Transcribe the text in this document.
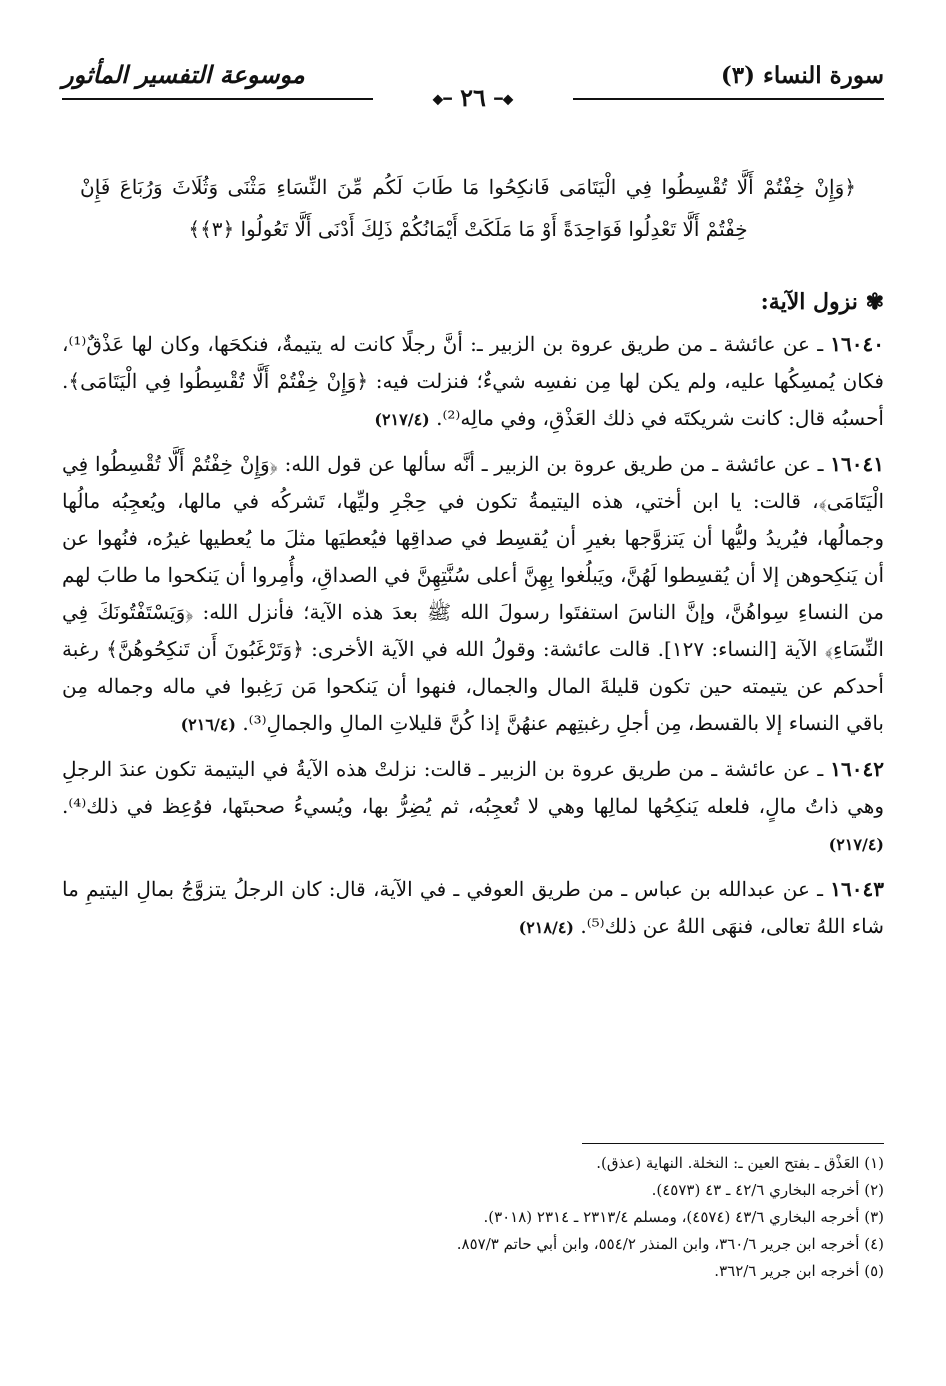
سورة النساء (٣)
موسوعة التفسير المأثور
◆━ ٢٦ ━◆
﴿وَإِنْ خِفْتُمْ أَلَّا تُقْسِطُوا فِي الْيَتَامَى فَانكِحُوا مَا طَابَ لَكُم مِّنَ النِّسَاءِ مَثْنَى وَثُلَاثَ وَرُبَاعَ فَإِنْ خِفْتُمْ أَلَّا تَعْدِلُوا فَوَاحِدَةً أَوْ مَا مَلَكَتْ أَيْمَانُكُمْ ذَلِكَ أَدْنَى أَلَّا تَعُولُوا ﴿٣﴾﴾
✾ نزول الآية:

١٦٠٤٠ ـ عن عائشة ـ من طريق عروة بن الزبير ـ: أنَّ رجلًا كانت له يتيمةٌ، فنكحَها، وكان لها عَذْقٌ⁽¹⁾، فكان يُمسِكُها عليه، ولم يكن لها مِن نفسِه شيءٌ؛ فنزلت فيه: ﴿وَإِنْ خِفْتُمْ أَلَّا تُقْسِطُوا فِي الْيَتَامَى﴾. أحسبُه قال: كانت شريكتَه في ذلك العَذْقِ، وفي مالِه⁽²⁾. (٢١٧/٤)

١٦٠٤١ ـ عن عائشة ـ من طريق عروة بن الزبير ـ أنَّه سألها عن قول الله: ﴿وَإِنْ خِفْتُمْ أَلَّا تُقْسِطُوا فِي الْيَتَامَى﴾، قالت: يا ابن أختي، هذه اليتيمةُ تكون في حِجْرِ وليِّها، تَشركُه في مالها، ويُعجِبُه مالُها وجمالُها، فيُريدُ وليُّها أن يَتزوَّجها بغيرِ أن يُقسِط في صداقِها فيُعطيَها مثلَ ما يُعطيها غيرُه، فنُهوا عن أن يَنكِحوهن إلا أن يُقسِطوا لَهُنَّ، ويَبلُغوا بِهِنَّ أعلى سُنَّتِهِنَّ في الصداقِ، وأُمِروا أن يَنكحوا ما طابَ لهم من النساءِ سِواهُنَّ، وإنَّ الناسَ استفتَوا رسولَ الله ﷺ بعدَ هذه الآية؛ فأنزل الله: ﴿وَيَسْتَفْتُونَكَ فِي النِّسَاءِ﴾ الآية [النساء: ١٢٧]. قالت عائشة: وقولُ الله في الآية الأخرى: ﴿وَتَرْغَبُونَ أَن تَنكِحُوهُنَّ﴾ رغبة أحدكم عن يتيمته حين تكون قليلةَ المال والجمال، فنهوا أن يَنكحوا مَن رَغِبوا في ماله وجماله مِن باقي النساء إلا بالقسط، مِن أجلِ رغبتِهم عنهُنَّ إذا كُنَّ قليلاتِ المالِ والجمالِ⁽³⁾. (٢١٦/٤)

١٦٠٤٢ ـ عن عائشة ـ من طريق عروة بن الزبير ـ قالت: نزلتْ هذه الآيةُ في اليتيمة تكون عندَ الرجلِ وهي ذاتُ مالٍ، فلعله يَنكِحُها لمالِها وهي لا تُعجِبُه، ثم يُضِرُّ بها، ويُسيءُ صحبتَها، فوُعِظ في ذلك⁽⁴⁾. (٢١٧/٤)

١٦٠٤٣ ـ عن عبدالله بن عباس ـ من طريق العوفي ـ في الآية، قال: كان الرجلُ يتزوَّجُ بمالِ اليتيمِ ما شاء اللهُ تعالى، فنهَى اللهُ عن ذلك⁽⁵⁾. (٢١٨/٤)

(١) العَذْق ـ بفتح العين ـ: النخلة. النهاية (عذق).

(٢) أخرجه البخاري ٤٢/٦ ـ ٤٣ (٤٥٧٣).

(٣) أخرجه البخاري ٤٣/٦ (٤٥٧٤)، ومسلم ٢٣١٣/٤ ـ ٢٣١٤ (٣٠١٨).

(٤) أخرجه ابن جرير ٣٦٠/٦، وابن المنذر ٥٥٤/٢، وابن أبي حاتم ٨٥٧/٣.

(٥) أخرجه ابن جرير ٣٦٢/٦.
